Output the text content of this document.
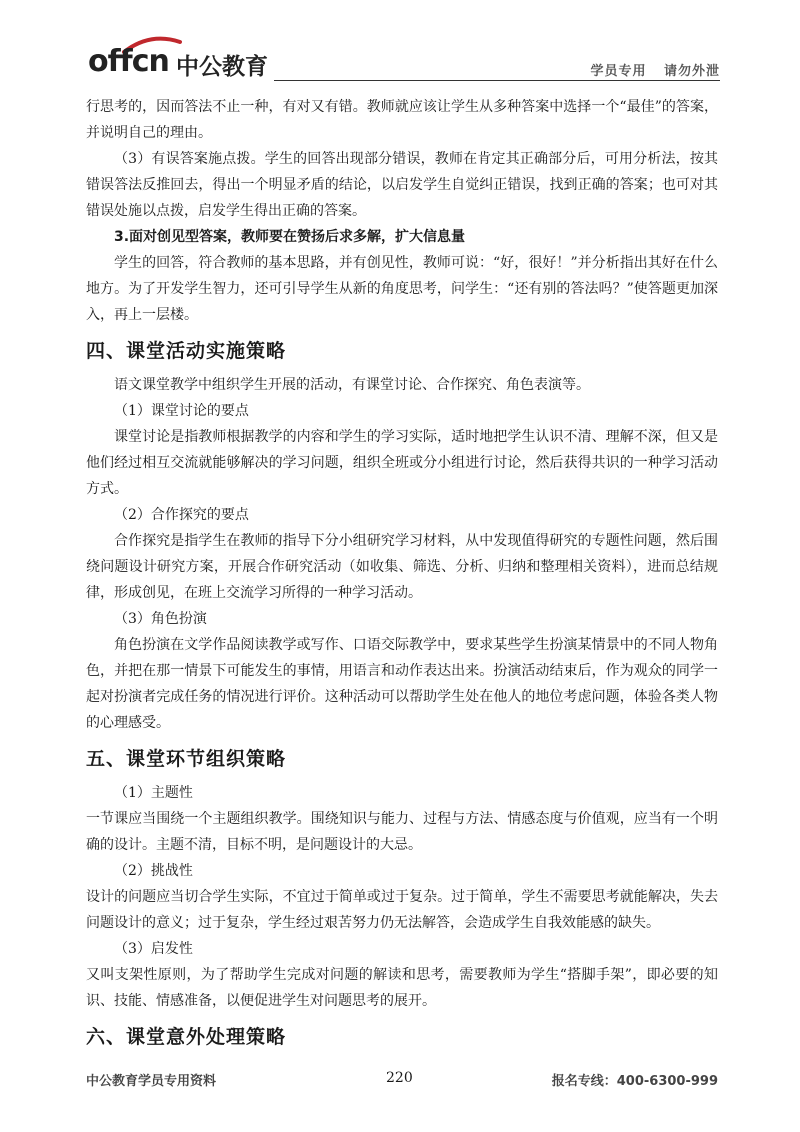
offcn 中公教育	学员专用 请勿外泄

行思考的，因而答法不止一种，有对又有错。教师就应该让学生从多种答案中选择一个“最佳”的答案，并说明自己的理由。

（3）有误答案施点拨。学生的回答出现部分错误，教师在肯定其正确部分后，可用分析法，按其错误答法反推回去，得出一个明显矛盾的结论，以启发学生自觉纠正错误，找到正确的答案；也可对其错误处施以点拨，启发学生得出正确的答案。

3.面对创见型答案，教师要在赞扬后求多解，扩大信息量

学生的回答，符合教师的基本思路，并有创见性，教师可说：“好，很好！”并分析指出其好在什么地方。为了开发学生智力，还可引导学生从新的角度思考，问学生：“还有别的答法吗？”使答题更加深入，再上一层楼。

四、课堂活动实施策略

语文课堂教学中组织学生开展的活动，有课堂讨论、合作探究、角色表演等。

（1）课堂讨论的要点

课堂讨论是指教师根据教学的内容和学生的学习实际，适时地把学生认识不清、理解不深，但又是他们经过相互交流就能够解决的学习问题，组织全班或分小组进行讨论，然后获得共识的一种学习活动方式。

（2）合作探究的要点

合作探究是指学生在教师的指导下分小组研究学习材料，从中发现值得研究的专题性问题，然后围绕问题设计研究方案，开展合作研究活动（如收集、筛选、分析、归纳和整理相关资料），进而总结规律，形成创见，在班上交流学习所得的一种学习活动。

（3）角色扮演

角色扮演在文学作品阅读教学或写作、口语交际教学中，要求某些学生扮演某情景中的不同人物角色，并把在那一情景下可能发生的事情，用语言和动作表达出来。扮演活动结束后，作为观众的同学一起对扮演者完成任务的情况进行评价。这种活动可以帮助学生处在他人的地位考虑问题，体验各类人物的心理感受。

五、课堂环节组织策略

（1）主题性

一节课应当围绕一个主题组织教学。围绕知识与能力、过程与方法、情感态度与价值观，应当有一个明确的设计。主题不清，目标不明，是问题设计的大忌。

（2）挑战性

设计的问题应当切合学生实际，不宜过于简单或过于复杂。过于简单，学生不需要思考就能解决，失去问题设计的意义；过于复杂，学生经过艰苦努力仍无法解答，会造成学生自我效能感的缺失。

（3）启发性

又叫支架性原则，为了帮助学生完成对问题的解读和思考，需要教师为学生“搭脚手架”，即必要的知识、技能、情感准备，以便促进学生对问题思考的展开。

六、课堂意外处理策略
中公教育学员专用资料	220	报名专线：400-6300-999
